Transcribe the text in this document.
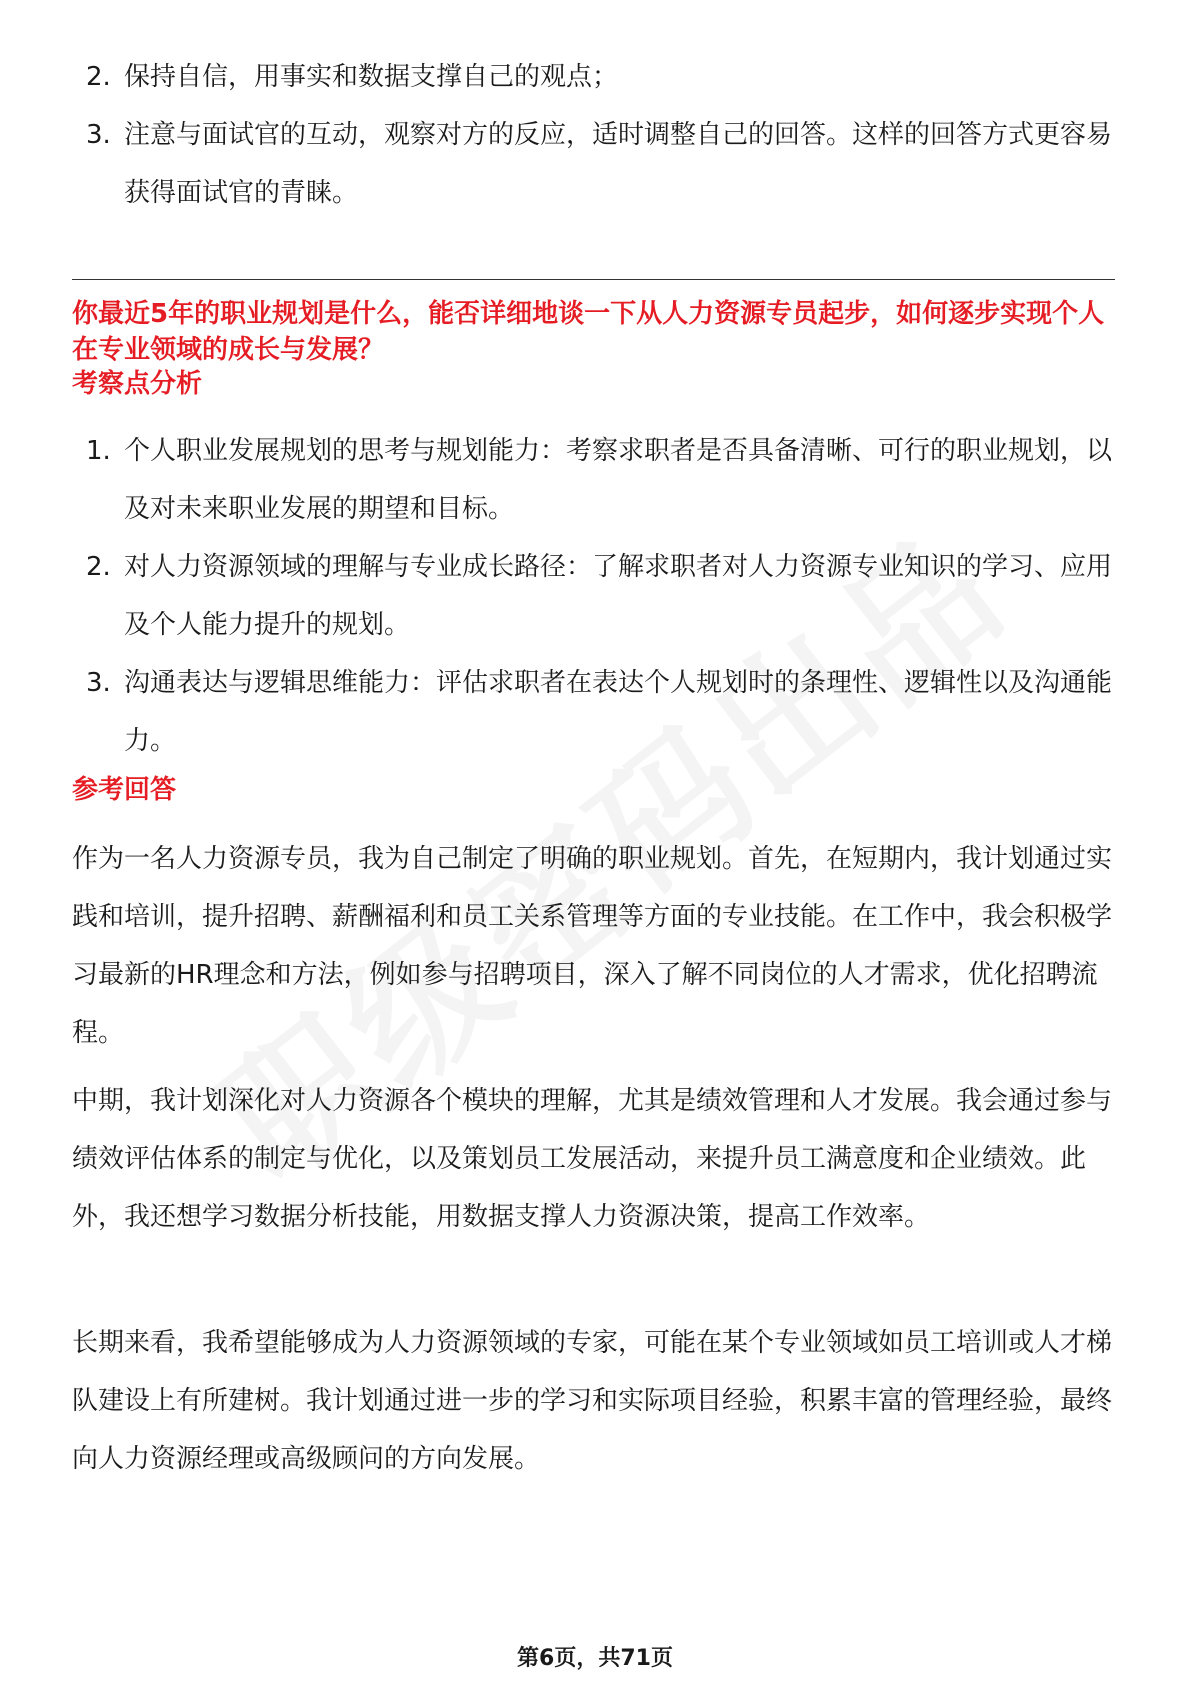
2. 保持自信，用事实和数据支撑自己的观点；
3. 注意与面试官的互动，观察对方的反应，适时调整自己的回答。这样的回答方式更容易获得面试官的青睐。

你最近5年的职业规划是什么，能否详细地谈一下从人力资源专员起步，如何逐步实现个人在专业领域的成长与发展？

考察点分析

1. 个人职业发展规划的思考与规划能力：考察求职者是否具备清晰、可行的职业规划，以及对未来职业发展的期望和目标。
2. 对人力资源领域的理解与专业成长路径：了解求职者对人力资源专业知识的学习、应用及个人能力提升的规划。
3. 沟通表达与逻辑思维能力：评估求职者在表达个人规划时的条理性、逻辑性以及沟通能力。

参考回答

作为一名人力资源专员，我为自己制定了明确的职业规划。首先，在短期内，我计划通过实践和培训，提升招聘、薪酬福利和员工关系管理等方面的专业技能。在工作中，我会积极学习最新的HR理念和方法，例如参与招聘项目，深入了解不同岗位的人才需求，优化招聘流程。

中期，我计划深化对人力资源各个模块的理解，尤其是绩效管理和人才发展。我会通过参与绩效评估体系的制定与优化，以及策划员工发展活动，来提升员工满意度和企业绩效。此外，我还想学习数据分析技能，用数据支撑人力资源决策，提高工作效率。

长期来看，我希望能够成为人力资源领域的专家，可能在某个专业领域如员工培训或人才梯队建设上有所建树。我计划通过进一步的学习和实际项目经验，积累丰富的管理经验，最终向人力资源经理或高级顾问的方向发展。

第6页，共71页
